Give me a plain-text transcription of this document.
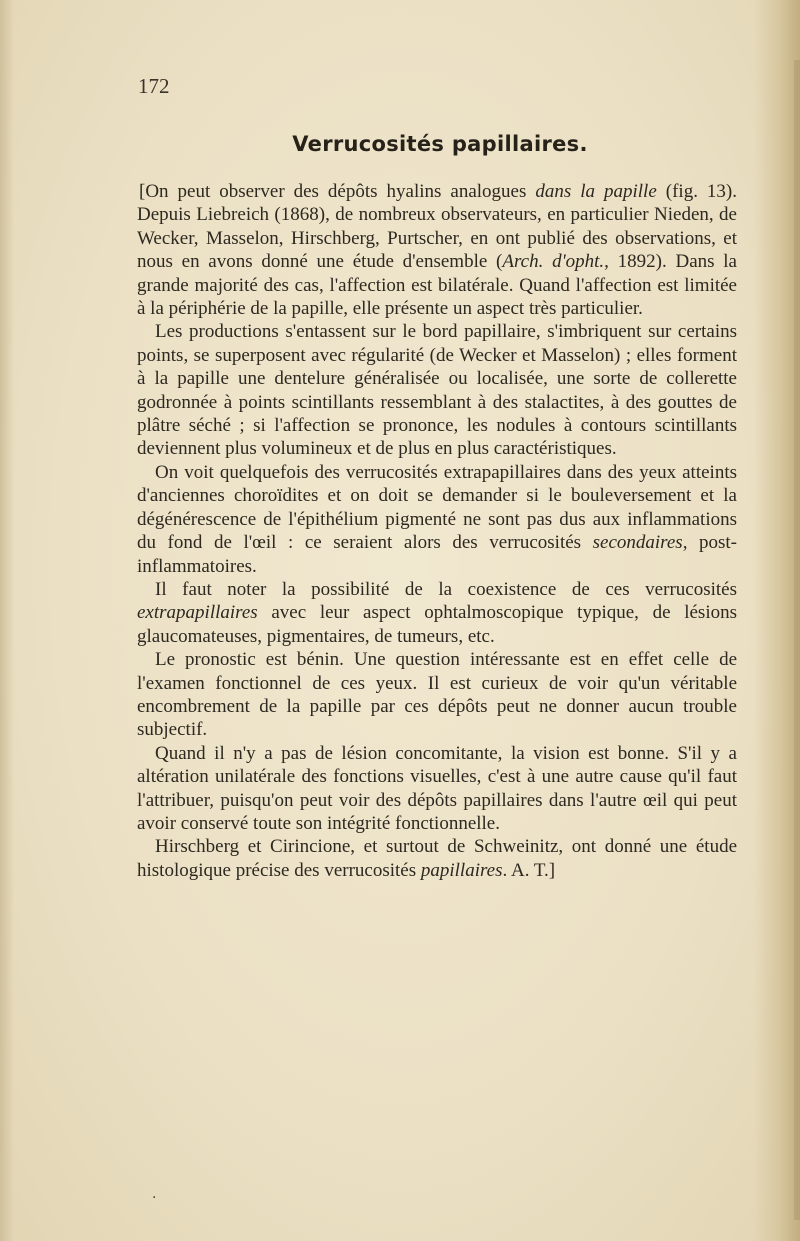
172

Verrucosités papillaires.

[On peut observer des dépôts hyalins analogues dans la papille (fig. 13). Depuis Liebreich (1868), de nombreux observateurs, en particulier Nieden, de Wecker, Masselon, Hirschberg, Purtscher, en ont publié des observations, et nous en avons donné une étude d'ensemble (Arch. d'opht., 1892). Dans la grande majorité des cas, l'affection est bilatérale. Quand l'affection est limitée à la périphérie de la papille, elle présente un aspect très particulier.

Les productions s'entassent sur le bord papillaire, s'imbriquent sur certains points, se superposent avec régularité (de Wecker et Masselon) ; elles forment à la papille une dentelure généralisée ou localisée, une sorte de collerette godronnée à points scintillants ressemblant à des stalactites, à des gouttes de plâtre séché ; si l'affection se prononce, les nodules à contours scintillants deviennent plus volumineux et de plus en plus caractéristiques.

On voit quelquefois des verrucosités extrapapillaires dans des yeux atteints d'anciennes choroïdites et on doit se demander si le bouleversement et la dégénérescence de l'épithélium pigmenté ne sont pas dus aux inflammations du fond de l'œil : ce seraient alors des verrucosités secondaires, post-inflammatoires.

Il faut noter la possibilité de la coexistence de ces verrucosités extrapapillaires avec leur aspect ophtalmoscopique typique, de lésions glaucomateuses, pigmentaires, de tumeurs, etc.

Le pronostic est bénin. Une question intéressante est en effet celle de l'examen fonctionnel de ces yeux. Il est curieux de voir qu'un véritable encombrement de la papille par ces dépôts peut ne donner aucun trouble subjectif.

Quand il n'y a pas de lésion concomitante, la vision est bonne. S'il y a altération unilatérale des fonctions visuelles, c'est à une autre cause qu'il faut l'attribuer, puisqu'on peut voir des dépôts papillaires dans l'autre œil qui peut avoir conservé toute son intégrité fonctionnelle.

Hirschberg et Cirincione, et surtout de Schweinitz, ont donné une étude histologique précise des verrucosités papillaires. A. T.]

·
